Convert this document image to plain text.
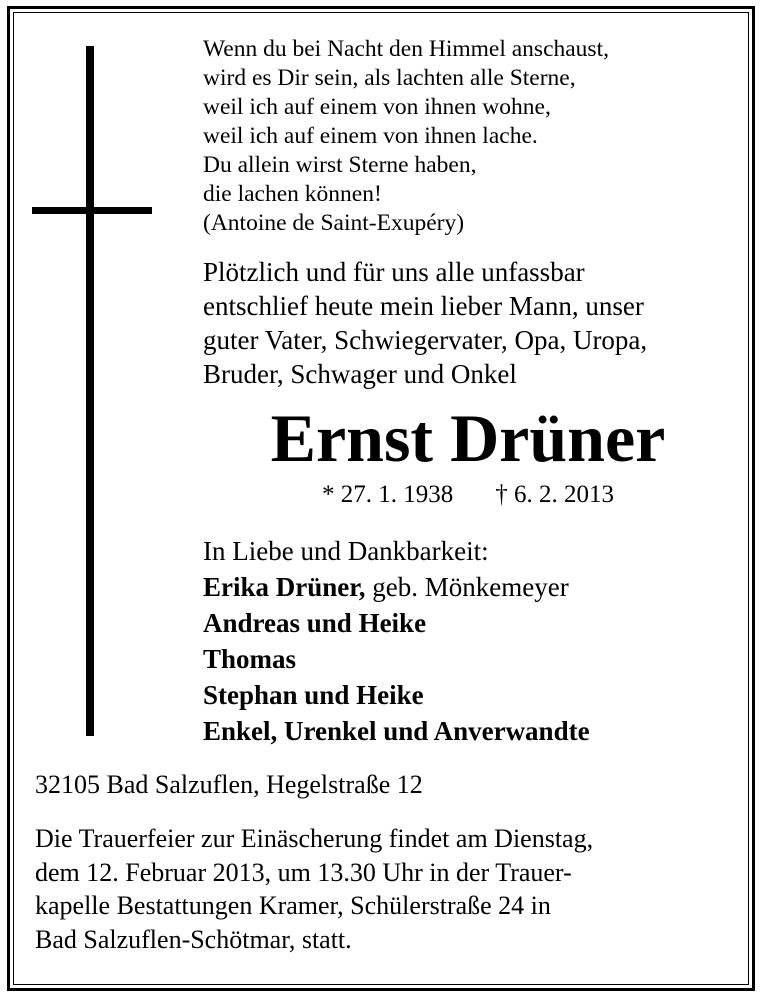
Wenn du bei Nacht den Himmel anschaust,
wird es Dir sein, als lachten alle Sterne,
weil ich auf einem von ihnen wohne,
weil ich auf einem von ihnen lache.
Du allein wirst Sterne haben,
die lachen können!
(Antoine de Saint-Exupéry)
Plötzlich und für uns alle unfassbar
entschlief heute mein lieber Mann, unser
guter Vater, Schwiegervater, Opa, Uropa,
Bruder, Schwager und Onkel
Ernst Drüner
* 27. 1. 1938 † 6. 2. 2013
In Liebe und Dankbarkeit:
Erika Drüner, geb. Mönkemeyer
Andreas und Heike
Thomas
Stephan und Heike
Enkel, Urenkel und Anverwandte
32105 Bad Salzuflen, Hegelstraße 12
Die Trauerfeier zur Einäscherung findet am Dienstag,
dem 12. Februar 2013, um 13.30 Uhr in der Trauer-
kapelle Bestattungen Kramer, Schülerstraße 24 in
Bad Salzuflen-Schötmar, statt.
